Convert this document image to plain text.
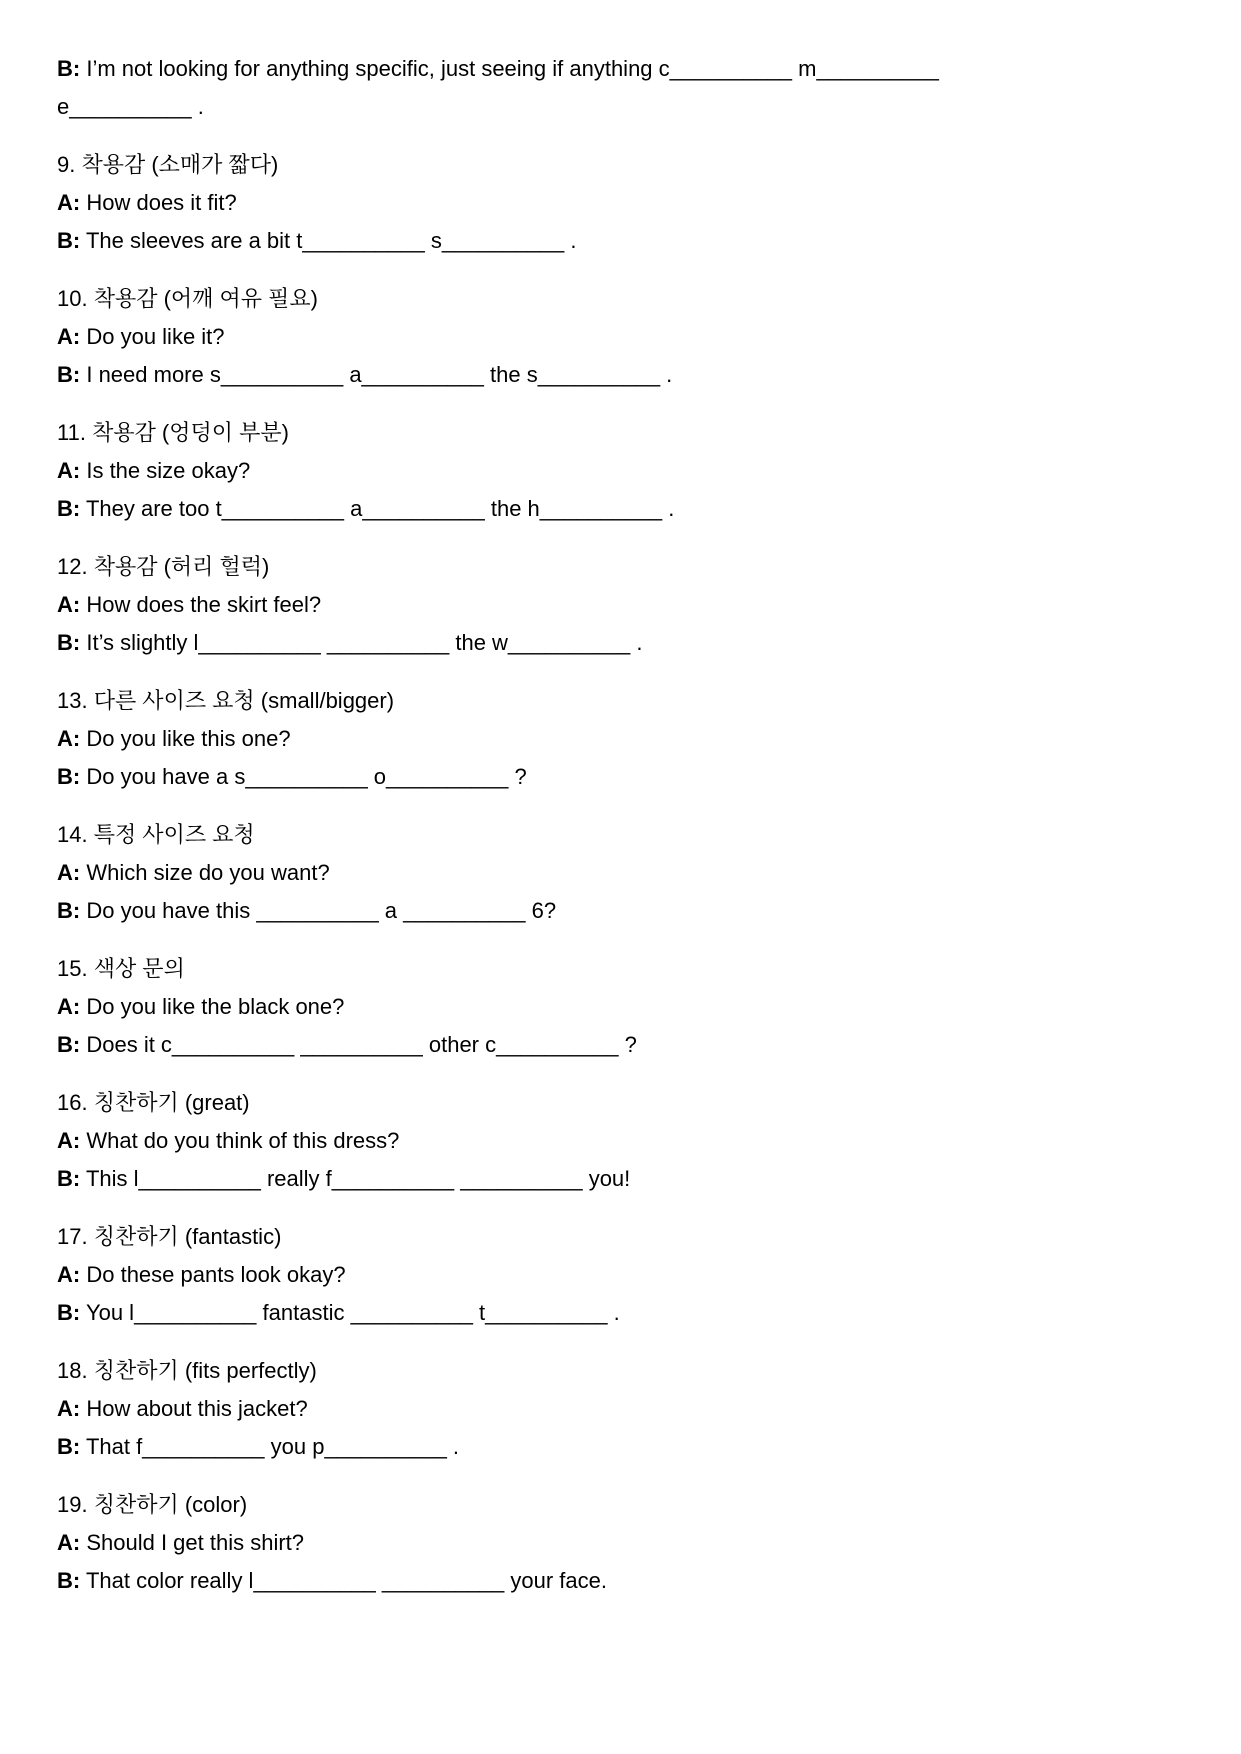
B: I’m not looking for anything specific, just seeing if anything c__________ m__________

e__________ .

9. 착용감 (소매가 짧다)

A: How does it fit?

B: The sleeves are a bit t__________ s__________ .

10. 착용감 (어깨 여유 필요)

A: Do you like it?

B: I need more s__________ a__________ the s__________ .

11. 착용감 (엉덩이 부분)

A: Is the size okay?

B: They are too t__________ a__________ the h__________ .

12. 착용감 (허리 헐럭)

A: How does the skirt feel?

B: It’s slightly l__________ __________ the w__________ .

13. 다른 사이즈 요청 (small/bigger)

A: Do you like this one?

B: Do you have a s__________ o__________ ?

14. 특정 사이즈 요청

A: Which size do you want?

B: Do you have this __________ a __________ 6?

15. 색상 문의

A: Do you like the black one?

B: Does it c__________ __________ other c__________ ?

16. 칭찬하기 (great)

A: What do you think of this dress?

B: This l__________ really f__________ __________ you!

17. 칭찬하기 (fantastic)

A: Do these pants look okay?

B: You l__________ fantastic __________ t__________ .

18. 칭찬하기 (fits perfectly)

A: How about this jacket?

B: That f__________ you p__________ .

19. 칭찬하기 (color)

A: Should I get this shirt?

B: That color really l__________ __________ your face.
